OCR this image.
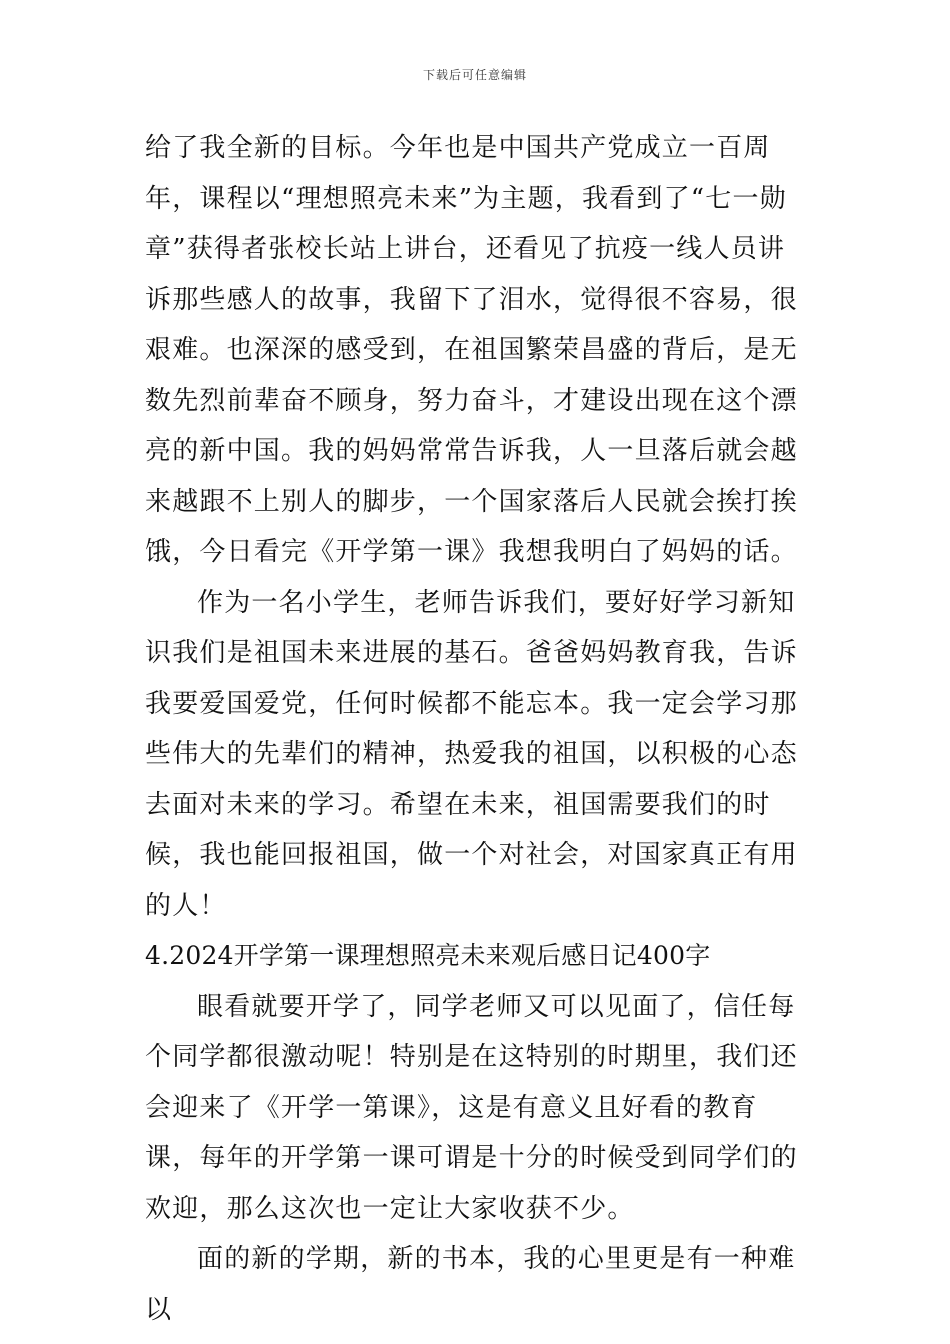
下载后可任意编辑

给了我全新的目标。今年也是中国共产党成立一百周年，课程以“理想照亮未来”为主题，我看到了“七一勋章”获得者张校长站上讲台，还看见了抗疫一线人员讲诉那些感人的故事，我留下了泪水，觉得很不容易，很艰难。也深深的感受到，在祖国繁荣昌盛的背后，是无数先烈前辈奋不顾身，努力奋斗，才建设出现在这个漂亮的新中国。我的妈妈常常告诉我，人一旦落后就会越来越跟不上别人的脚步，一个国家落后人民就会挨打挨饿，今日看完《开学第一课》我想我明白了妈妈的话。

作为一名小学生，老师告诉我们，要好好学习新知识我们是祖国未来进展的基石。爸爸妈妈教育我，告诉我要爱国爱党，任何时候都不能忘本。我一定会学习那些伟大的先辈们的精神，热爱我的祖国，以积极的心态去面对未来的学习。希望在未来，祖国需要我们的时候，我也能回报祖国，做一个对社会，对国家真正有用的人！

4.2024开学第一课理想照亮未来观后感日记400字

眼看就要开学了，同学老师又可以见面了，信任每个同学都很激动呢！特别是在这特别的时期里，我们还会迎来了《开学一第课》，这是有意义且好看的教育课，每年的开学第一课可谓是十分的时候受到同学们的欢迎，那么这次也一定让大家收获不少。

面的新的学期，新的书本，我的心里更是有一种难以
